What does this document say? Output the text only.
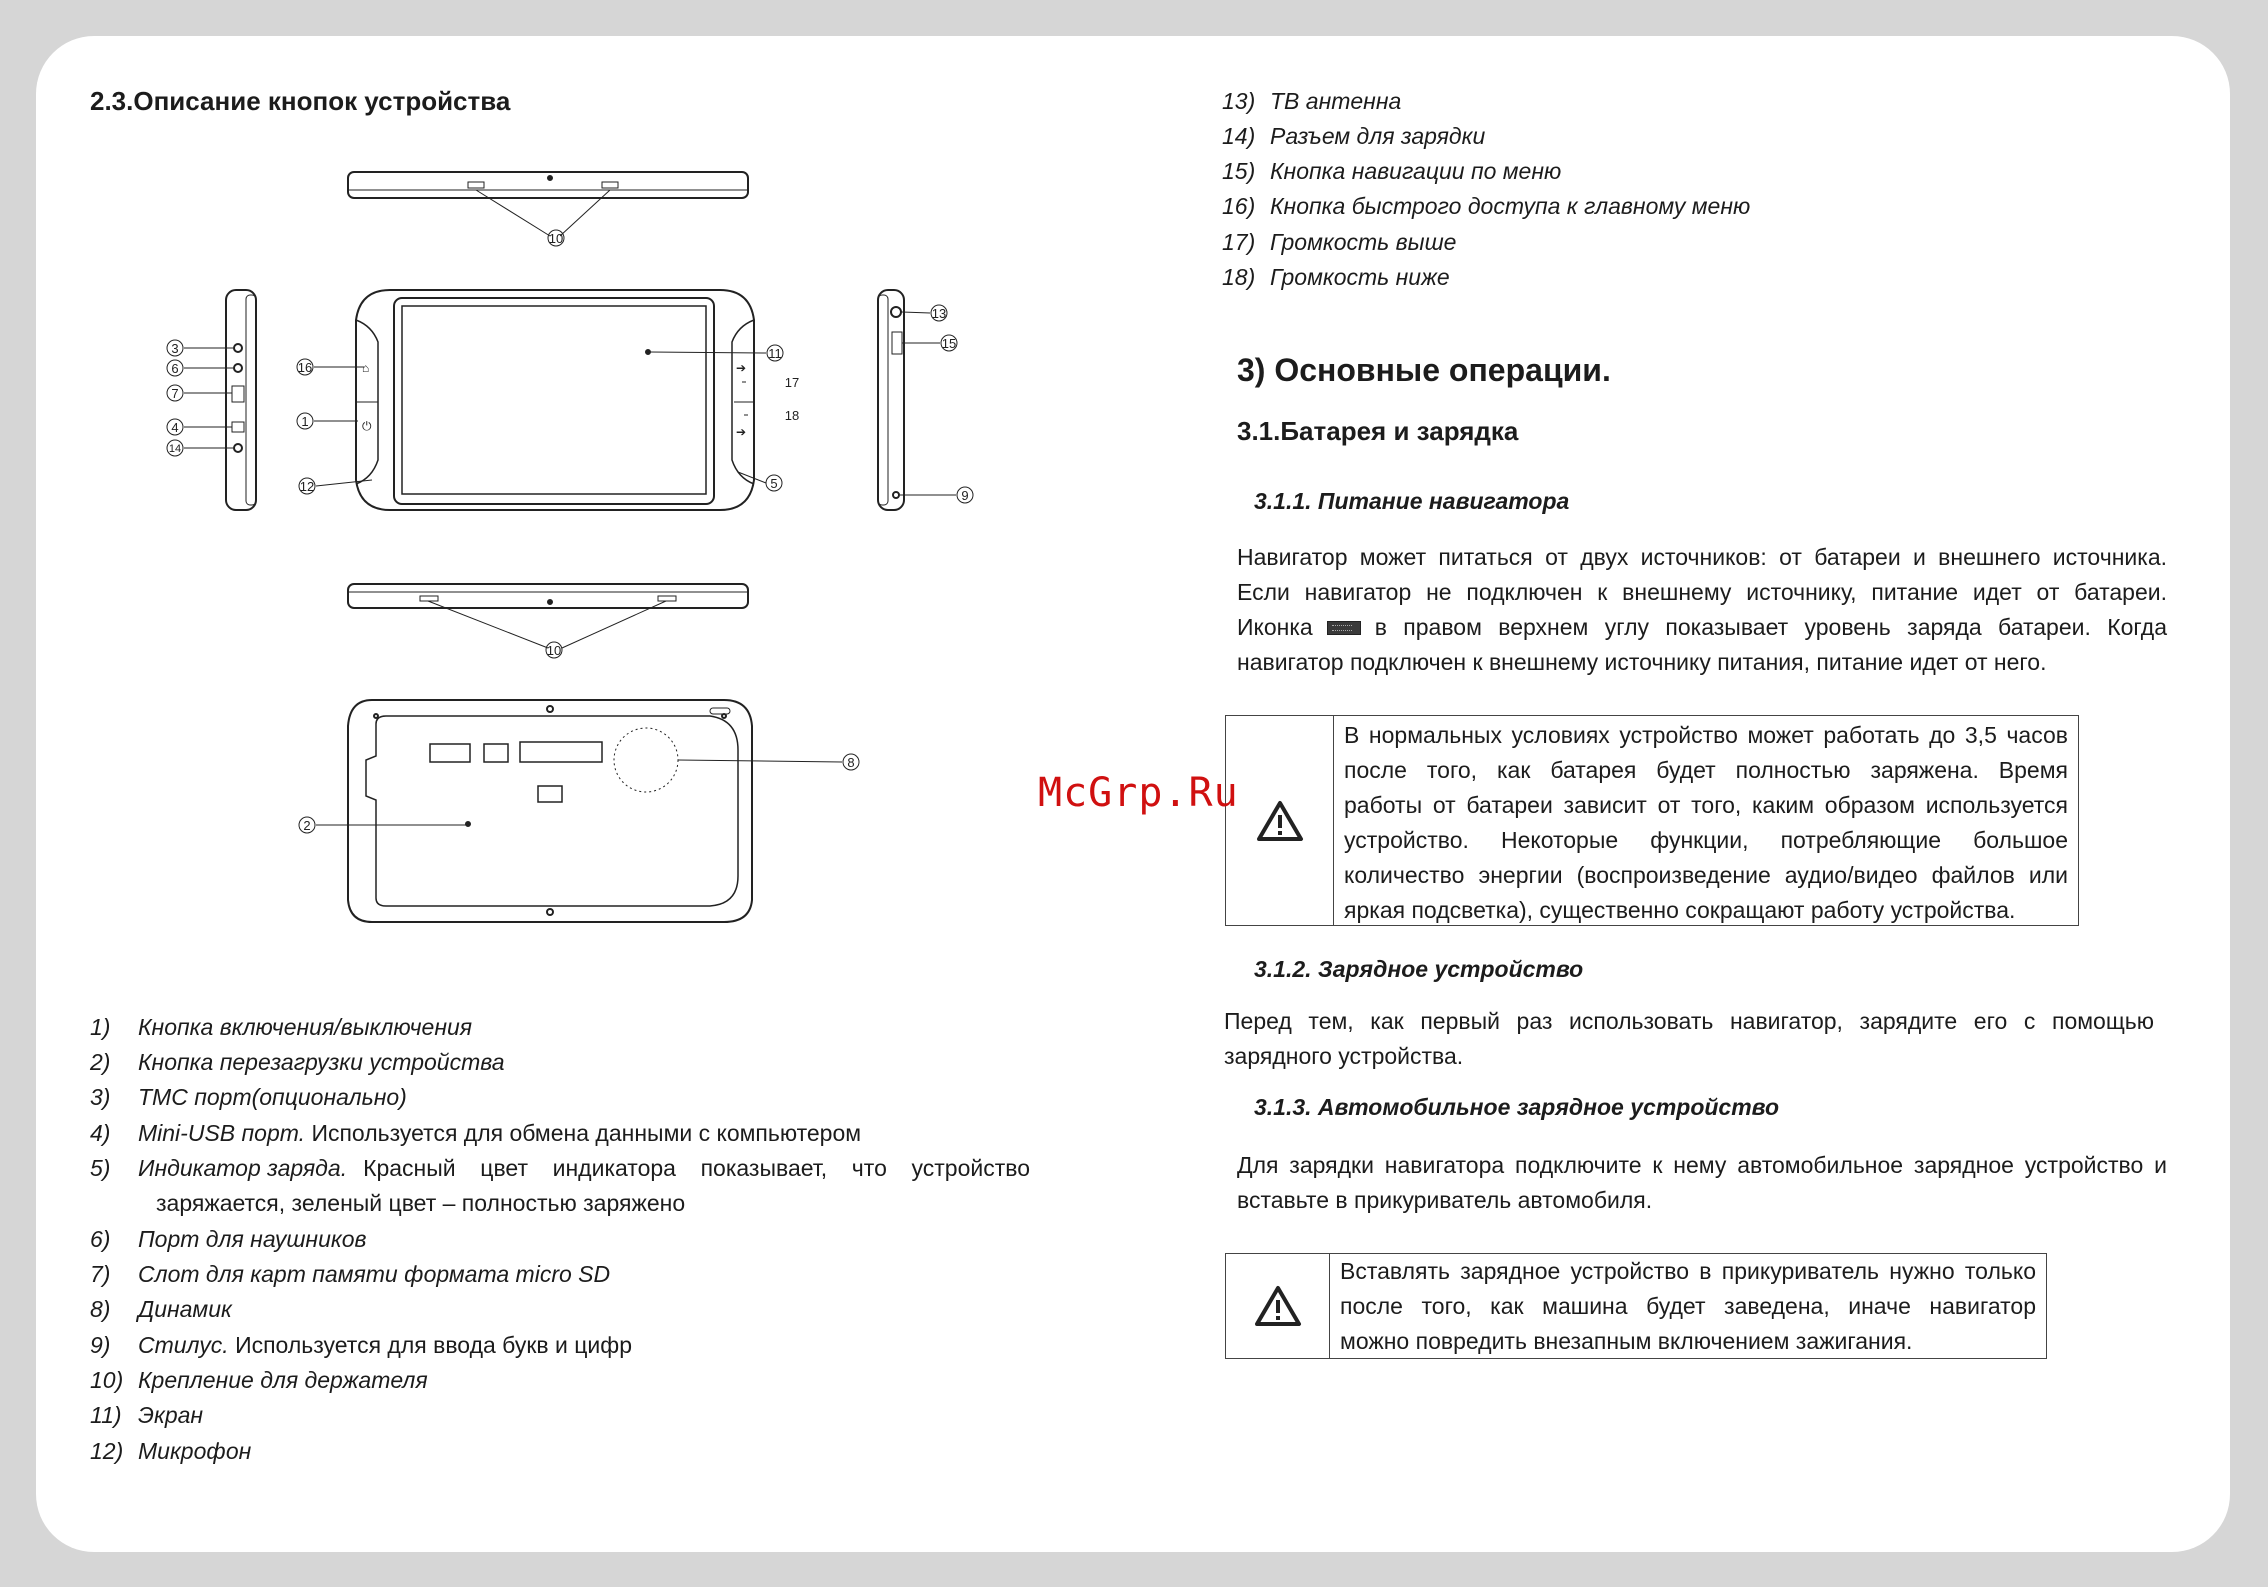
2.3.Описание кнопок устройства
⌂
⏻
➔
➔
10
10
3
6
7
4
14
16
1
12
11
17
18
5
13
15
9
8
2
1) Кнопка включения/выключения
2) Кнопка перезагрузки устройства
3) TMC порт(опционально)
4) Mini-USB порт. Используется для обмена данными с компьютером
5) Индикатор заряда. Красный цвет индикатора показывает, что устройство
заряжается, зеленый цвет – полностью заряжено
6) Порт для наушников
7) Слот для карт памяти формата micro SD
8) Динамик
9) Стилус. Используется для ввода букв и цифр
10) Крепление для держателя
11) Экран
12) Микрофон
13) ТВ антенна
14) Разъем для зарядки
15) Кнопка навигации по меню
16) Кнопка быстрого доступа к главному меню
17) Громкость выше
18) Громкость ниже
3) Основные операции.
3.1.Батарея и зарядка
3.1.1. Питание навигатора
Навигатор может питаться от двух источников: от батареи и внешнего источника.
Если навигатор не подключен к внешнему источнику, питание идет от батареи.
Иконка	в правом верхнем углу показывает уровень заряда батареи. Когда
навигатор подключен к внешнему источнику питания, питание идет от него.
В нормальных условиях устройство может работать до 3,5 часов
после того, как батарея будет полностью заряжена. Время
работы от батареи зависит от того, каким образом используется
устройство. Некоторые функции, потребляющие большое
количество энергии (воспроизведение аудио/видео файлов или
яркая подсветка), существенно сокращают работу устройства.
3.1.2. Зарядное устройство
Перед тем, как первый раз использовать навигатор, зарядите его с помощью
зарядного устройства.
3.1.3. Автомобильное зарядное устройство
Для зарядки навигатора подключите к нему автомобильное зарядное устройство и
вставьте в прикуриватель автомобиля.
Вставлять зарядное устройство в прикуриватель нужно только
после того, как машина будет заведена, иначе навигатор
можно повредить внезапным включением зажигания.
McGrp.Ru
